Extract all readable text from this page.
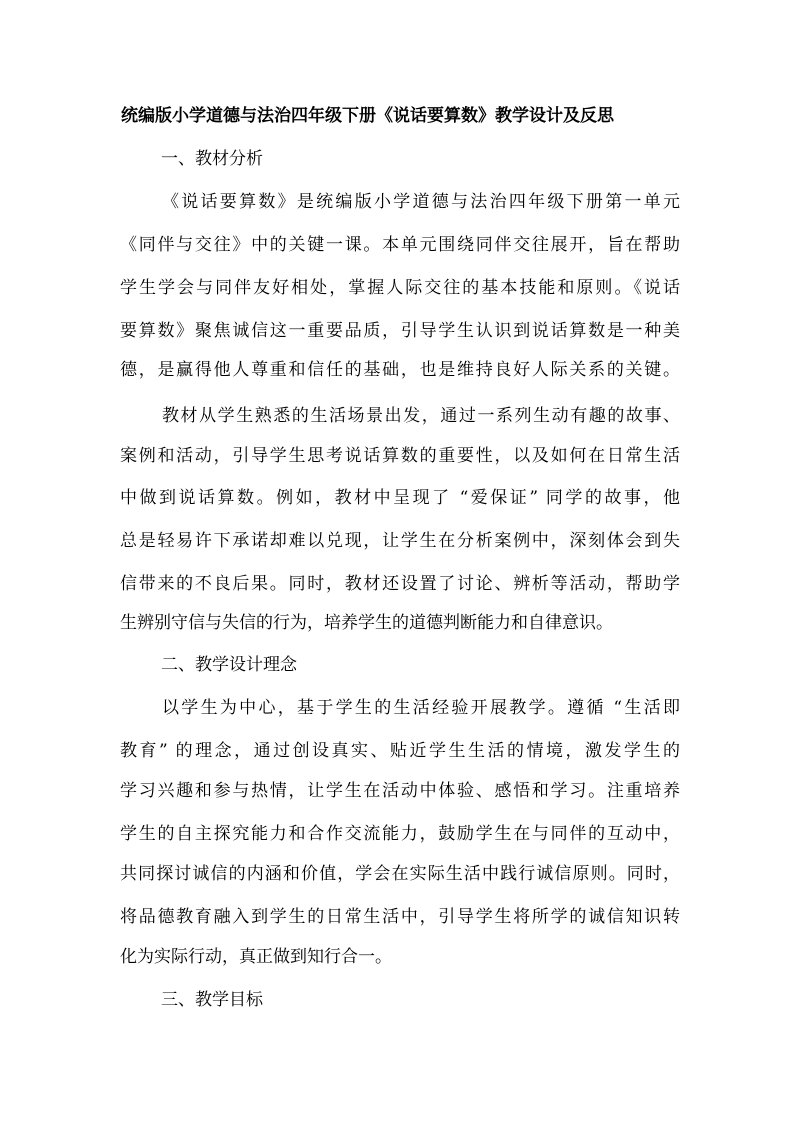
统编版小学道德与法治四年级下册《说话要算数》教学设计及反思
一、教材分析
《说话要算数》是统编版小学道德与法治四年级下册第一单元
《同伴与交往》中的关键一课。本单元围绕同伴交往展开，旨在帮助
学生学会与同伴友好相处，掌握人际交往的基本技能和原则。《说话
要算数》聚焦诚信这一重要品质，引导学生认识到说话算数是一种美
德，是赢得他人尊重和信任的基础，也是维持良好人际关系的关键。
教材从学生熟悉的生活场景出发，通过一系列生动有趣的故事、
案例和活动，引导学生思考说话算数的重要性，以及如何在日常生活
中做到说话算数。例如，教材中呈现了 “爱保证” 同学的故事，他
总是轻易许下承诺却难以兑现，让学生在分析案例中，深刻体会到失
信带来的不良后果。同时，教材还设置了讨论、辨析等活动，帮助学
生辨别守信与失信的行为，培养学生的道德判断能力和自律意识。
二、教学设计理念
以学生为中心，基于学生的生活经验开展教学。遵循 “生活即
教育” 的理念，通过创设真实、贴近学生生活的情境，激发学生的
学习兴趣和参与热情，让学生在活动中体验、感悟和学习。注重培养
学生的自主探究能力和合作交流能力，鼓励学生在与同伴的互动中，
共同探讨诚信的内涵和价值，学会在实际生活中践行诚信原则。同时，
将品德教育融入到学生的日常生活中，引导学生将所学的诚信知识转
化为实际行动，真正做到知行合一。
三、教学目标
